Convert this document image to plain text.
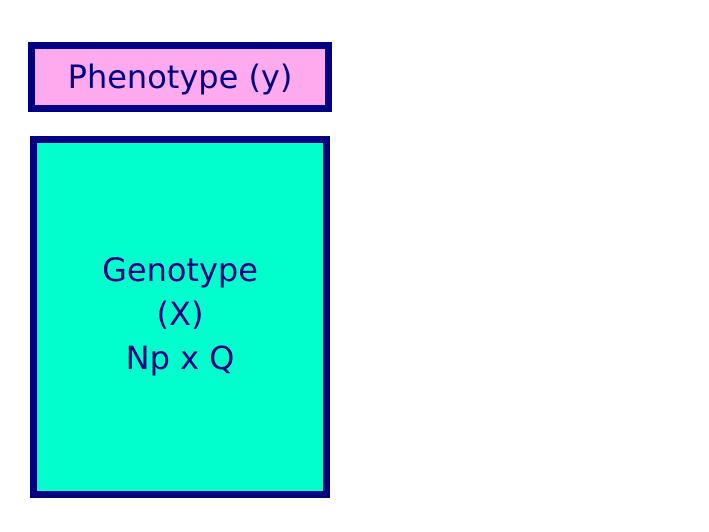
Phenotype (y)
Genotype
(X)
Np x Q
